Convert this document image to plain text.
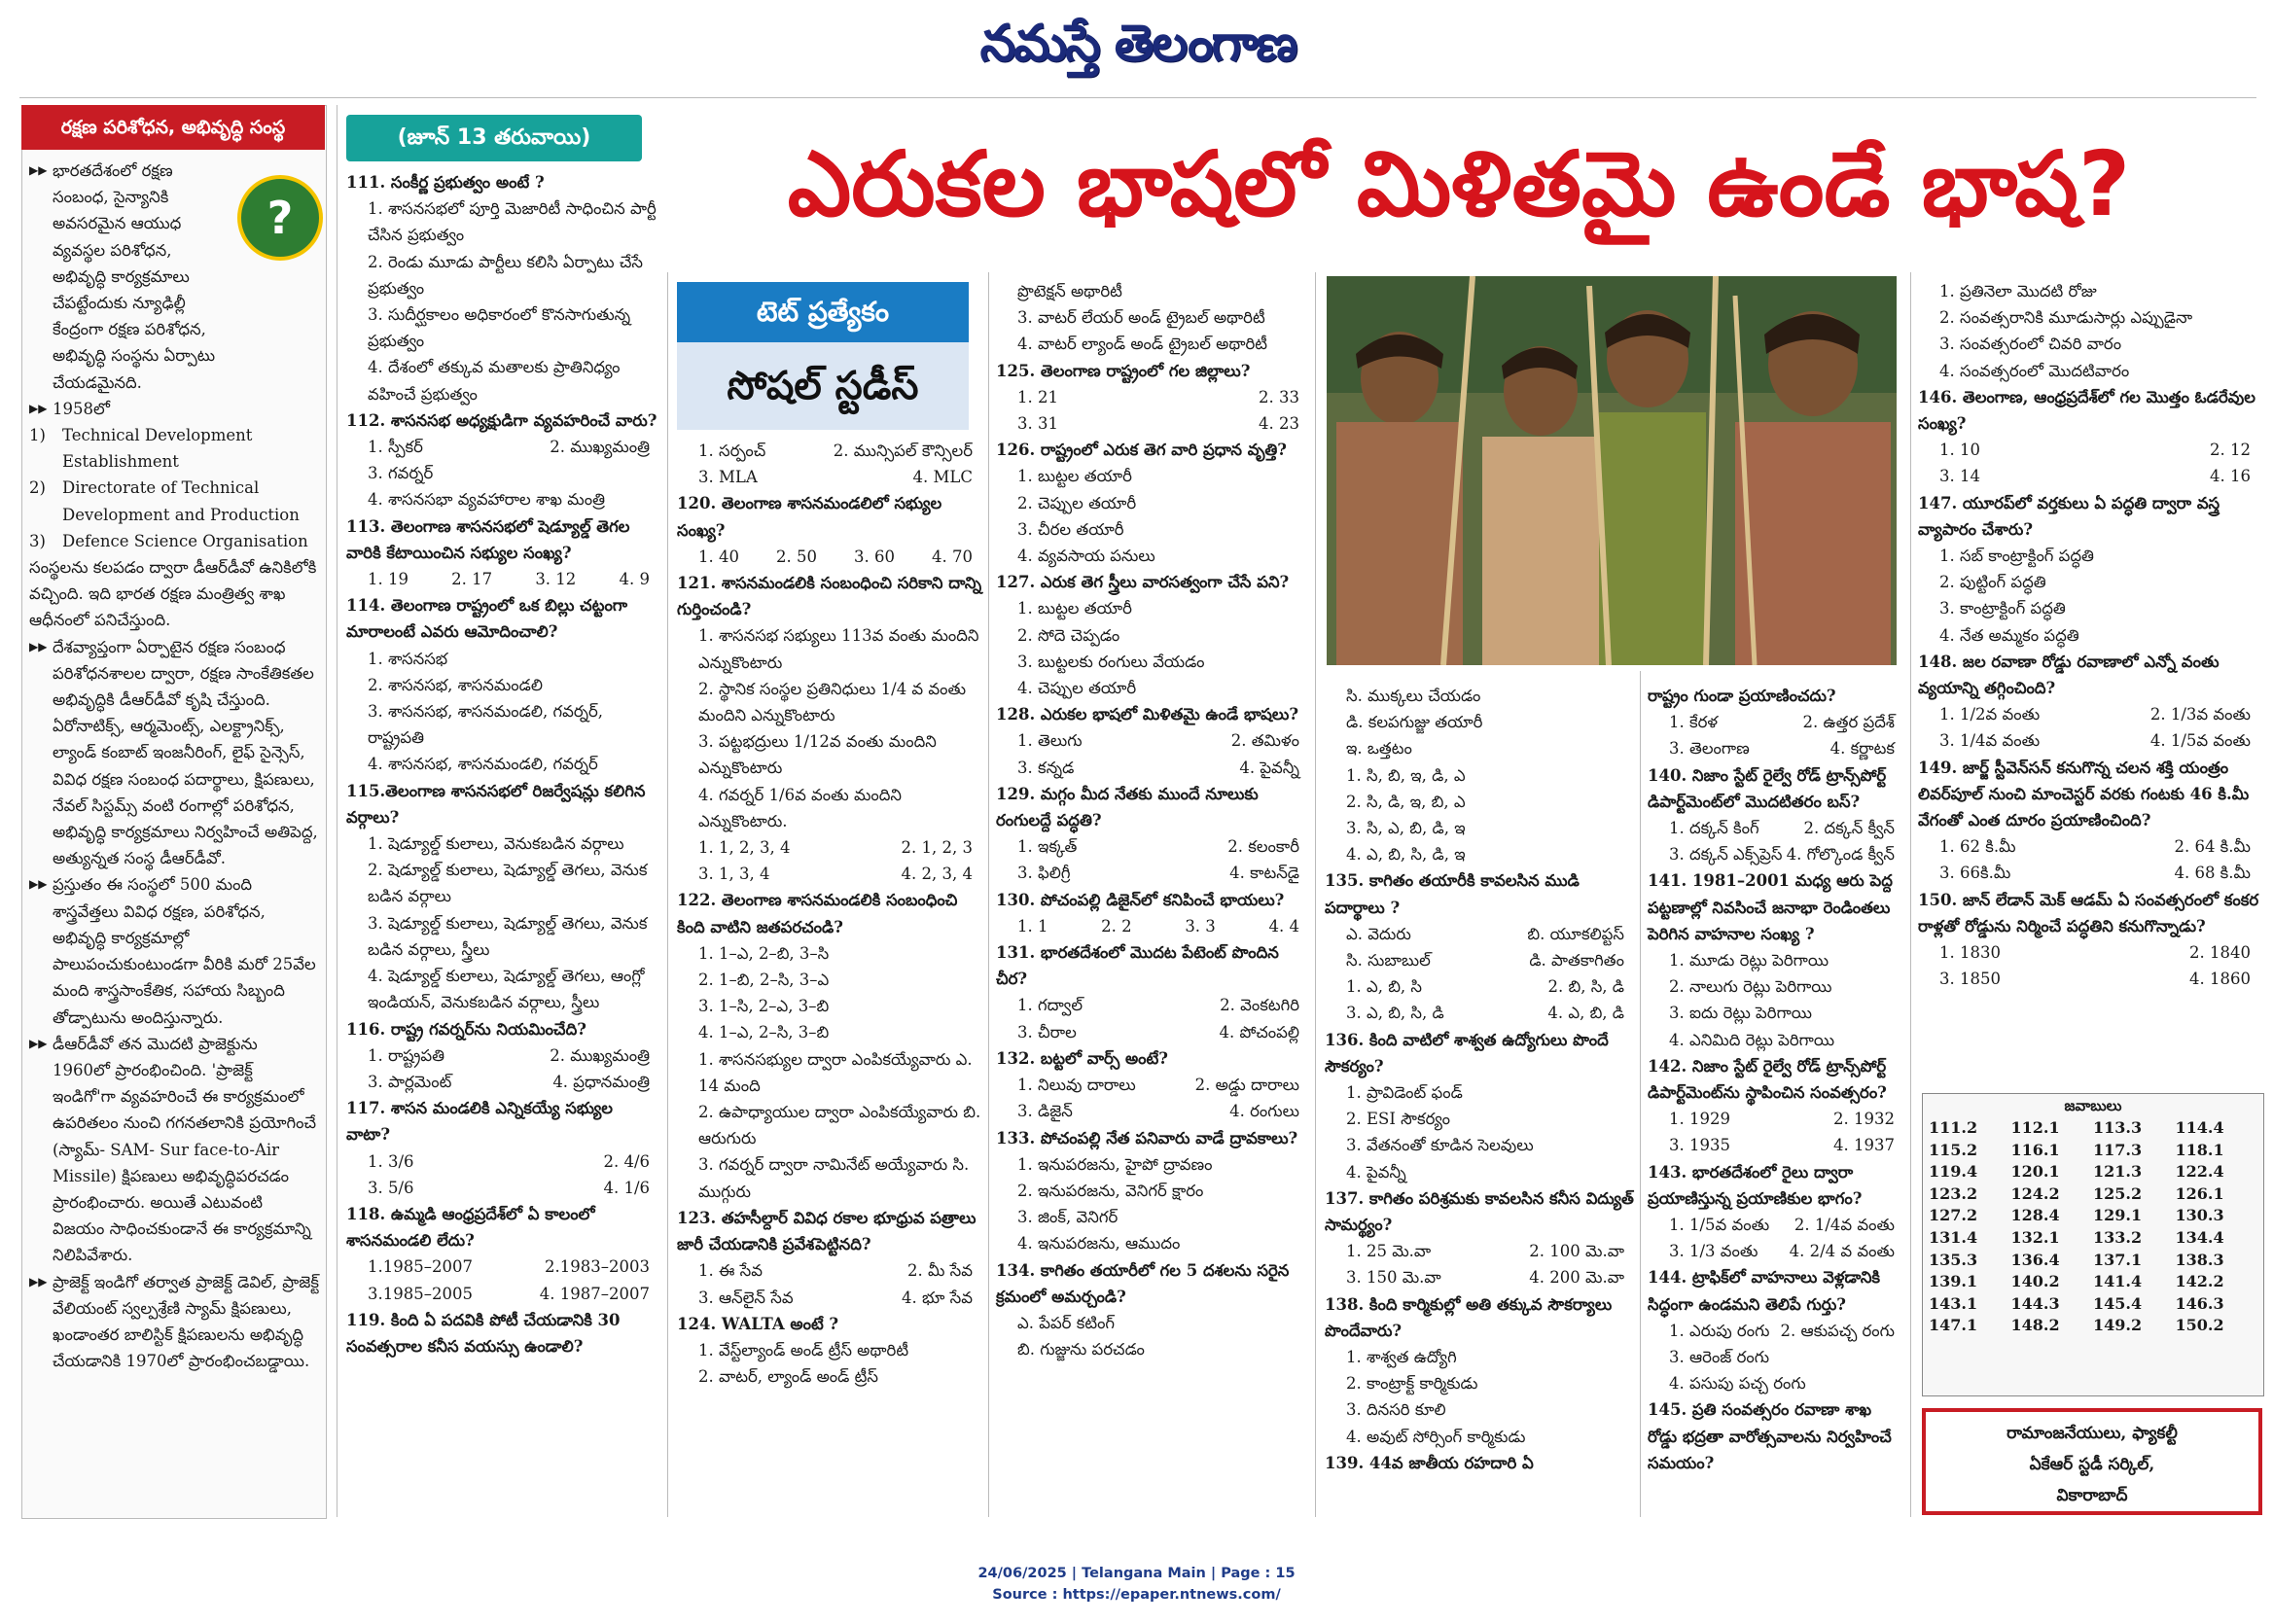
నమస్తే తెలంగాణ
రక్షణ పరిశోధన, అభివృద్ధి సంస్థ
?
▶▶ భారతదేశంలో రక్షణ సంబంధ, సైన్యానికి అవసరమైన ఆయుధ వ్యవస్థల పరిశోధన, అభివృద్ధి కార్యక్రమాలు చేపట్టేందుకు న్యూఢిల్లీ కేంద్రంగా రక్షణ పరిశోధన, అభివృద్ధి సంస్థను ఏర్పాటు చేయడమైనది.

▶▶ 1958లో

1)	Technical Development Establishment

2)	Directorate of Technical Development and Production

3)	Defence Science Organisation

సంస్థలను కలపడం ద్వారా డీఆర్‌డీవో ఉనికిలోకి వచ్చింది. ఇది భారత రక్షణ మంత్రిత్వ శాఖ ఆధీనంలో పనిచేస్తుంది.

▶▶ దేశవ్యాప్తంగా ఏర్పాటైన రక్షణ సంబంధ పరిశోధనశాలల ద్వారా, రక్షణ సాంకేతికతల అభివృద్ధికి డీఆర్‌డీవో కృషి చేస్తుంది. ఏరోనాటిక్స్, ఆర్మమెంట్స్, ఎలక్ట్రానిక్స్, ల్యాండ్ కంబాట్ ఇంజనీరింగ్, లైఫ్ సైన్సెస్, వివిధ రక్షణ సంబంధ పదార్థాలు, క్షిపణులు, నేవల్ సిస్టమ్స్ వంటి రంగాల్లో పరిశోధన, అభివృద్ధి కార్యక్రమాలు నిర్వహించే అతిపెద్ద, అత్యున్నత సంస్థ డీఆర్‌డీవో.

▶▶ ప్రస్తుతం ఈ సంస్థలో 500 మంది శాస్త్రవేత్తలు వివిధ రక్షణ, పరిశోధన, అభివృద్ధి కార్యక్రమాల్లో పాలుపంచుకుంటుండగా వీరికి మరో 25వేల మంది శాస్త్రసాంకేతిక, సహాయ సిబ్బంది తోడ్పాటును అందిస్తున్నారు.

▶▶ డీఆర్‌డీవో తన మొదటి ప్రాజెక్టును 1960లో ప్రారంభించింది. 'ప్రాజెక్ట్ ఇండిగో'గా వ్యవహరించే ఈ కార్యక్రమంలో ఉపరితలం నుంచి గగనతలానికి ప్రయోగించే (స్యామ్- SAM- Sur face-to-Air Missile) క్షిపణులు అభివృద్ధిపరచడం ప్రారంభించారు. అయితే ఎటువంటి విజయం సాధించకుండానే ఈ కార్యక్రమాన్ని నిలిపివేశారు.

▶▶ ప్రాజెక్ట్ ఇండిగో తర్వాత ప్రాజెక్ట్ డెవిల్, ప్రాజెక్ట్ వేలియంట్ స్వల్పశ్రేణి స్యామ్ క్షిపణులు, ఖండాంతర బాలిస్టిక్ క్షిపణులను అభివృద్ధి చేయడానికి 1970లో ప్రారంభించబడ్డాయి.

(జూన్ 13 తరువాయి)	ఎరుకల భాషలో మిళితమై ఉండే భాష?
టెట్ ప్రత్యేకం
సోషల్ స్టడీస్

111. సంకీర్ణ ప్రభుత్వం అంటే ?

1. శాసనసభలో పూర్తి మెజారిటీ సాధించిన పార్టీ చేసిన ప్రభుత్వం

2. రెండు మూడు పార్టీలు కలిసి ఏర్పాటు చేసే ప్రభుత్వం

3. సుదీర్ఘకాలం అధికారంలో కొనసాగుతున్న ప్రభుత్వం

4. దేశంలో తక్కువ మతాలకు ప్రాతినిధ్యం వహించే ప్రభుత్వం

112. శాసనసభ అధ్యక్షుడిగా వ్యవహరించే వారు?

1. స్పీకర్	2. ముఖ్యమంత్రి

3. గవర్నర్

4. శాసనసభా వ్యవహారాల శాఖ మంత్రి

113. తెలంగాణ శాసనసభలో షెడ్యూల్డ్ తెగల వారికి కేటాయించిన సభ్యుల సంఖ్య?

1. 19	2. 17	3. 12	4. 9

114. తెలంగాణ రాష్ట్రంలో ఒక బిల్లు చట్టంగా మారాలంటే ఎవరు ఆమోదించాలి?

1. శాసనసభ

2. శాసనసభ, శాసనమండలి

3. శాసనసభ, శాసనమండలి, గవర్నర్, రాష్ట్రపతి

4. శాసనసభ, శాసనమండలి, గవర్నర్

115.తెలంగాణ శాసనసభలో రిజర్వేషన్లు కలిగిన వర్గాలు?

1. షెడ్యూల్డ్ కులాలు, వెనుకబడిన వర్గాలు

2. షెడ్యూల్డ్ కులాలు, షెడ్యూల్డ్ తెగలు, వెనుక బడిన వర్గాలు

3. షెడ్యూల్డ్ కులాలు, షెడ్యూల్డ్ తెగలు, వెనుక బడిన వర్గాలు, స్త్రీలు

4. షెడ్యూల్డ్ కులాలు, షెడ్యూల్డ్ తెగలు, ఆంగ్లో ఇండియన్, వెనుకబడిన వర్గాలు, స్త్రీలు

116. రాష్ట్ర గవర్నర్‌ను నియమించేది?

1. రాష్ట్రపతి	2. ముఖ్యమంత్రి
3. పార్లమెంట్	4. ప్రధానమంత్రి

117. శాసన మండలికి ఎన్నికయ్యే సభ్యుల వాటా?

1. 3/6	2. 4/6
3. 5/6	4. 1/6

118. ఉమ్మడి ఆంధ్రప్రదేశ్‌లో ఏ కాలంలో శాసనమండలి లేదు?

1.1985–2007	2.1983–2003
3.1985–2005	4. 1987–2007

119. కింది ఏ పదవికి పోటీ చేయడానికి 30 సంవత్సరాల కనీస వయస్సు ఉండాలి?

1. సర్పంచ్	2. మున్సిపల్ కౌన్సిలర్
3. MLA	4. MLC

120. తెలంగాణ శాసనమండలిలో సభ్యుల సంఖ్య?

1. 40 2. 50 3. 60 4. 70

121. శాసనమండలికి సంబంధించి సరికాని దాన్ని గుర్తించండి?

1. శాసనసభ సభ్యులు 113వ వంతు మందిని ఎన్నుకొంటారు

2. స్థానిక సంస్థల ప్రతినిధులు 1/4 వ వంతు మందిని ఎన్నుకొంటారు

3. పట్టభద్రులు 1/12వ వంతు మందిని ఎన్నుకొంటారు

4. గవర్నర్ 1/6వ వంతు మందిని ఎన్నుకొంటారు.

1. 1, 2, 3, 4	2. 1, 2, 3
3. 1, 3, 4	4. 2, 3, 4

122. తెలంగాణ శాసనమండలికి సంబంధించి కింది వాటిని జతపరచండి?

1. 1–ఎ, 2–బి, 3–సి
2. 1–బి, 2–సి, 3–ఎ
3. 1–సి, 2–ఎ, 3–బి
4. 1–ఎ, 2–సి, 3–బి

1. శాసనసభ్యుల ద్వారా ఎంపికయ్యేవారు ఎ. 14 మంది

2. ఉపాధ్యాయుల ద్వారా ఎంపికయ్యేవారు బి. ఆరుగురు

3. గవర్నర్ ద్వారా నామినేట్ అయ్యేవారు సి. ముగ్గురు

123. తహసీల్దార్ వివిధ రకాల భూధ్రువ పత్రాలు జారీ చేయడానికి ప్రవేశపెట్టినది?

1. ఈ సేవ	2. మీ సేవ
3. ఆన్‌లైన్ సేవ	4. భూ సేవ

124. WALTA అంటే ?

1. వేస్ట్‌ల్యాండ్ అండ్ ట్రీస్ అథారిటీ

2. వాటర్, ల్యాండ్ అండ్ ట్రీస్

ప్రొటెక్షన్ అథారిటీ

3. వాటర్ లేయర్ అండ్ ట్రైబల్ అథారిటీ

4. వాటర్ ల్యాండ్ అండ్ ట్రైబల్ అథారిటీ

125. తెలంగాణ రాష్ట్రంలో గల జిల్లాలు?

1. 21	2. 33
3. 31	4. 23

126. రాష్ట్రంలో ఎరుక తెగ వారి ప్రధాన వృత్తి?

1. బుట్టల తయారీ

2. చెప్పుల తయారీ

3. చీరల తయారీ

4. వ్యవసాయ పనులు

127. ఎరుక తెగ స్త్రీలు వారసత్వంగా చేసే పని?

1. బుట్టల తయారీ

2. సోదె చెప్పడం

3. బుట్టలకు రంగులు వేయడం

4. చెప్పుల తయారీ

128. ఎరుకల భాషలో మిళితమై ఉండే భాషలు?

1. తెలుగు	2. తమిళం
3. కన్నడ	4. పైవన్నీ

129. మగ్గం మీద నేతకు ముందే నూలుకు రంగులద్దే పద్ధతి?

1. ఇక్కత్	2. కలంకారీ
3. ఫిలిగ్రీ	4. కాటన్‌డై

130. పోచంపల్లి డిజైన్‌లో కనిపించే భాయలు?

1. 1	2. 2	3. 3	4. 4

131. భారతదేశంలో మొదట పేటెంట్ పొందిన చీర?

1. గద్వాల్	2. వెంకటగిరి
3. చీరాల	4. పోచంపల్లి

132. బట్టలో వార్స్ అంటే?

1. నిలువు దారాలు	2. అడ్డు దారాలు
3. డిజైన్	4. రంగులు

133. పోచంపల్లి నేత పనివారు వాడే ద్రావకాలు?

1. ఇనుపరజను, హైపో ద్రావణం

2. ఇనుపరజను, వెనిగర్ క్షారం

3. జింక్, వెనిగర్

4. ఇనుపరజను, ఆముదం

134. కాగితం తయారీలో గల 5 దశలను సరైన క్రమంలో అమర్చండి?

ఎ. పేపర్ కటింగ్

బి. గుజ్జును పరచడం

సి. ముక్కలు చేయడం

డి. కలపగుజ్జు తయారీ

ఇ. ఒత్తటం

1. సి, బి, ఇ, డి, ఎ

2. సి, డి, ఇ, బి, ఎ

3. సి, ఎ, బి, డి, ఇ

4. ఎ, బి, సి, డి, ఇ

135. కాగితం తయారీకి కావలసిన ముడి పదార్థాలు ?

ఎ. వెదురు	బి. యూకలిప్టస్
సి. సుబాబుల్	డి. పాతకాగితం
1. ఎ, బి, సి	2. బి, సి, డి
3. ఎ, బి, సి, డి	4. ఎ, బి, డి

136. కింది వాటిలో శాశ్వత ఉద్యోగులు పొందే సౌకర్యం?

1. ప్రావిడెంట్ ఫండ్

2. ESI సౌకర్యం

3. వేతనంతో కూడిన సెలవులు

4. పైవన్నీ

137. కాగితం పరిశ్రమకు కావలసిన కనీస విద్యుత్ సామర్థ్యం?

1. 25 మె.వా	2. 100 మె.వా
3. 150 మె.వా	4. 200 మె.వా

138. కింది కార్మికుల్లో అతి తక్కువ సౌకర్యాలు పొందేవారు?

1. శాశ్వత ఉద్యోగి

2. కాంట్రాక్ట్ కార్మికుడు

3. దినసరి కూలి

4. అవుట్ సోర్సింగ్ కార్మికుడు

139. 44వ జాతీయ రహదారి ఏ

రాష్ట్రం గుండా ప్రయాణించదు?

1. కేరళ	2. ఉత్తర ప్రదేశ్
3. తెలంగాణ	4. కర్ణాటక

140. నిజాం స్టేట్ రైల్వే రోడ్ ట్రాన్స్‌పోర్ట్ డిపార్ట్‌మెంట్‌లో మొదటితరం బస్?

1. దక్కన్ కింగ్	2. దక్కన్ క్వీన్
3. దక్కన్ ఎక్స్‌ప్రెస్ 4. గోల్కొండ క్వీన్

141. 1981–2001 మధ్య ఆరు పెద్ద పట్టణాల్లో నివసించే జనాభా రెండింతలు పెరిగిన వాహనాల సంఖ్య ?

1. మూడు రెట్లు పెరిగాయి

2. నాలుగు రెట్లు పెరిగాయి

3. ఐదు రెట్లు పెరిగాయి

4. ఎనిమిది రెట్లు పెరిగాయి

142. నిజాం స్టేట్ రైల్వే రోడ్ ట్రాన్స్‌పోర్ట్ డిపార్ట్‌మెంట్‌ను స్థాపించిన సంవత్సరం?

1. 1929	2. 1932
3. 1935	4. 1937

143. భారతదేశంలో రైలు ద్వారా ప్రయాణిస్తున్న ప్రయాణికుల భాగం?

1. 1/5వ వంతు 2. 1/4వ వంతు
3. 1/3 వంతు 4. 2/4 వ వంతు

144. ట్రాఫిక్‌లో వాహనాలు వెళ్లడానికి సిద్ధంగా ఉండమని తెలిపే గుర్తు?

1. ఎరుపు రంగు 2. ఆకుపచ్చ రంగు

3. ఆరెంజ్ రంగు

4. పసుపు పచ్చ రంగు

145. ప్రతి సంవత్సరం రవాణా శాఖ రోడ్డు భద్రతా వారోత్సవాలను నిర్వహించే సమయం?

1. ప్రతినెలా మొదటి రోజు

2. సంవత్సరానికి మూడుసార్లు ఎప్పుడైనా

3. సంవత్సరంలో చివరి వారం

4. సంవత్సరంలో మొదటివారం

146. తెలంగాణ, ఆంధ్రప్రదేశ్‌లో గల మొత్తం ఓడరేవుల సంఖ్య?

1. 10	2. 12
3. 14	4. 16

147. యూరప్‌లో వర్తకులు ఏ పద్ధతి ద్వారా వస్త్ర వ్యాపారం చేశారు?

1. సబ్ కాంట్రాక్టింగ్ పద్ధతి

2. పుట్టింగ్ పద్ధతి

3. కాంట్రాక్టింగ్ పద్ధతి

4. నేత అమ్మకం పద్ధతి

148. జల రవాణా రోడ్డు రవాణాలో ఎన్నో వంతు వ్యయాన్ని తగ్గించింది?

1. 1/2వ వంతు	2. 1/3వ వంతు
3. 1/4వ వంతు	4. 1/5వ వంతు

149. జార్జ్ స్టీవెన్‌సన్ కనుగొన్న చలన శక్తి యంత్రం లివర్‌పూల్ నుంచి మాంచెస్టర్ వరకు గంటకు 46 కి.మీ వేగంతో ఎంత దూరం ప్రయాణించింది?

1. 62 కి.మీ	2. 64 కి.మీ
3. 66కి.మీ	4. 68 కి.మీ

150. జాన్ లేడాన్ మెక్ ఆడమ్ ఏ సంవత్సరంలో కంకర రాళ్లతో రోడ్డును నిర్మించే పద్ధతిని కనుగొన్నాడు?

1. 1830	2. 1840
3. 1850	4. 1860
జవాబులు
111.2	112.1	113.3	114.4
115.2	116.1	117.3	118.1
119.4	120.1	121.3	122.4
123.2	124.2	125.2	126.1
127.2	128.4	129.1	130.3
131.4	132.1	133.2	134.4
135.3	136.4	137.1	138.3
139.1	140.2	141.4	142.2
143.1	144.3	145.4	146.3
147.1	148.2	149.2	150.2
రామాంజనేయులు, ఫ్యాకల్టీ
ఏకేఆర్ స్టడీ సర్కిల్,
వికారాబాద్
24/06/2025 | Telangana Main | Page : 15
Source : https://epaper.ntnews.com/
